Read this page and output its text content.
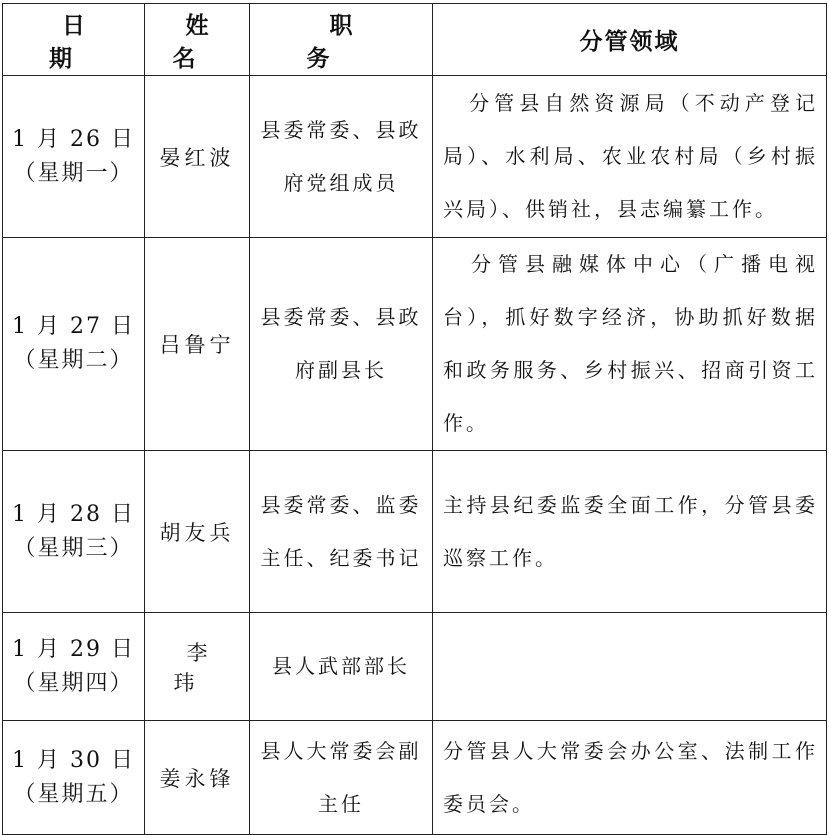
日 期	姓 名	职 务	分管领域

1 月 26 日
（星期一）	晏红波	县委常委、县政府党组成员	分管县自然资源局（不动产登记局）、水利局、农业农村局（乡村振兴局）、供销社，县志编纂工作。

1 月 27 日
（星期二）	吕鲁宁	县委常委、县政府副县长	分管县融媒体中心（广播电视台），抓好数字经济，协助抓好数据和政务服务、乡村振兴、招商引资工作。

1 月 28 日
（星期三）	胡友兵	县委常委、监委主任、纪委书记	主持县纪委监委全面工作，分管县委巡察工作。

1 月 29 日
（星期四）	李 玮	县人武部部长	

1 月 30 日
（星期五）	姜永锋	县人大常委会副主任	分管县人大常委会办公室、法制工作委员会。
